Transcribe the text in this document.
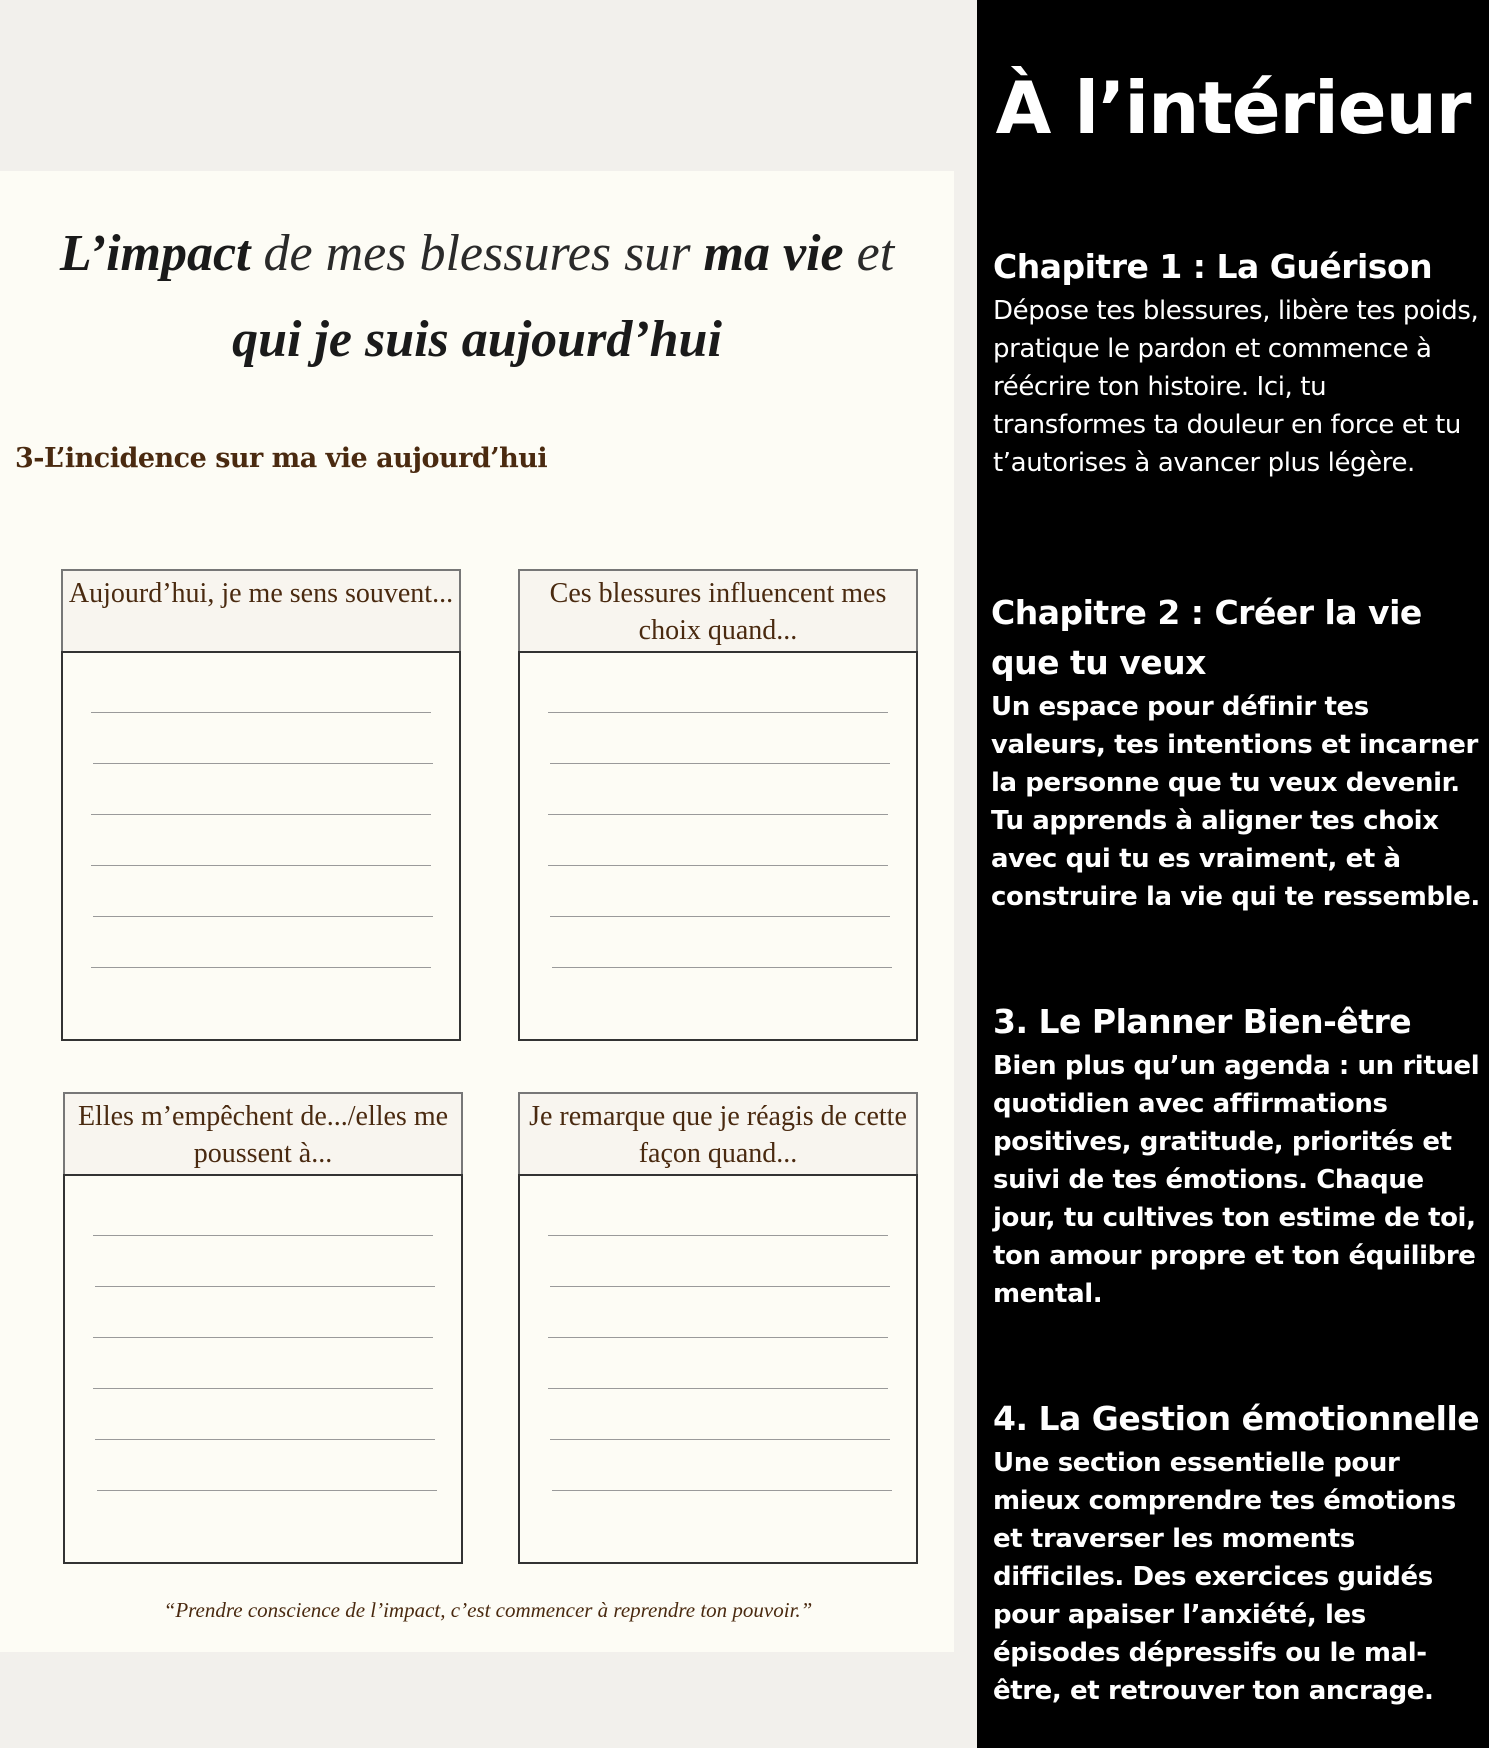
L’impact de mes blessures sur ma vie et
qui je suis aujourd’hui
3-L’incidence sur ma vie aujourd’hui
Aujourd’hui, je me sens souvent...	Ces blessures influencent mes choix quand...
Elles m’empêchent de.../elles me poussent à...
Je remarque que je réagis de cette façon quand...
“Prendre conscience de l’impact, c’est commencer à reprendre ton pouvoir.”
À l’intérieur
Chapitre 1 : La Guérison
Dépose tes blessures, libère tes poids, pratique le pardon et commence à réécrire ton histoire. Ici, tu transformes ta douleur en force et tu t’autorises à avancer plus légère.
Chapitre 2 : Créer la vie que tu veux
Un espace pour définir tes valeurs, tes intentions et incarner la personne que tu veux devenir. Tu apprends à aligner tes choix avec qui tu es vraiment, et à construire la vie qui te ressemble.
3. Le Planner Bien-être
Bien plus qu’un agenda : un rituel quotidien avec affirmations positives, gratitude, priorités et suivi de tes émotions. Chaque jour, tu cultives ton estime de toi, ton amour propre et ton équilibre mental.
4. La Gestion émotionnelle
Une section essentielle pour mieux comprendre tes émotions et traverser les moments difficiles. Des exercices guidés pour apaiser l’anxiété, les épisodes dépressifs ou le mal-être, et retrouver ton ancrage.
